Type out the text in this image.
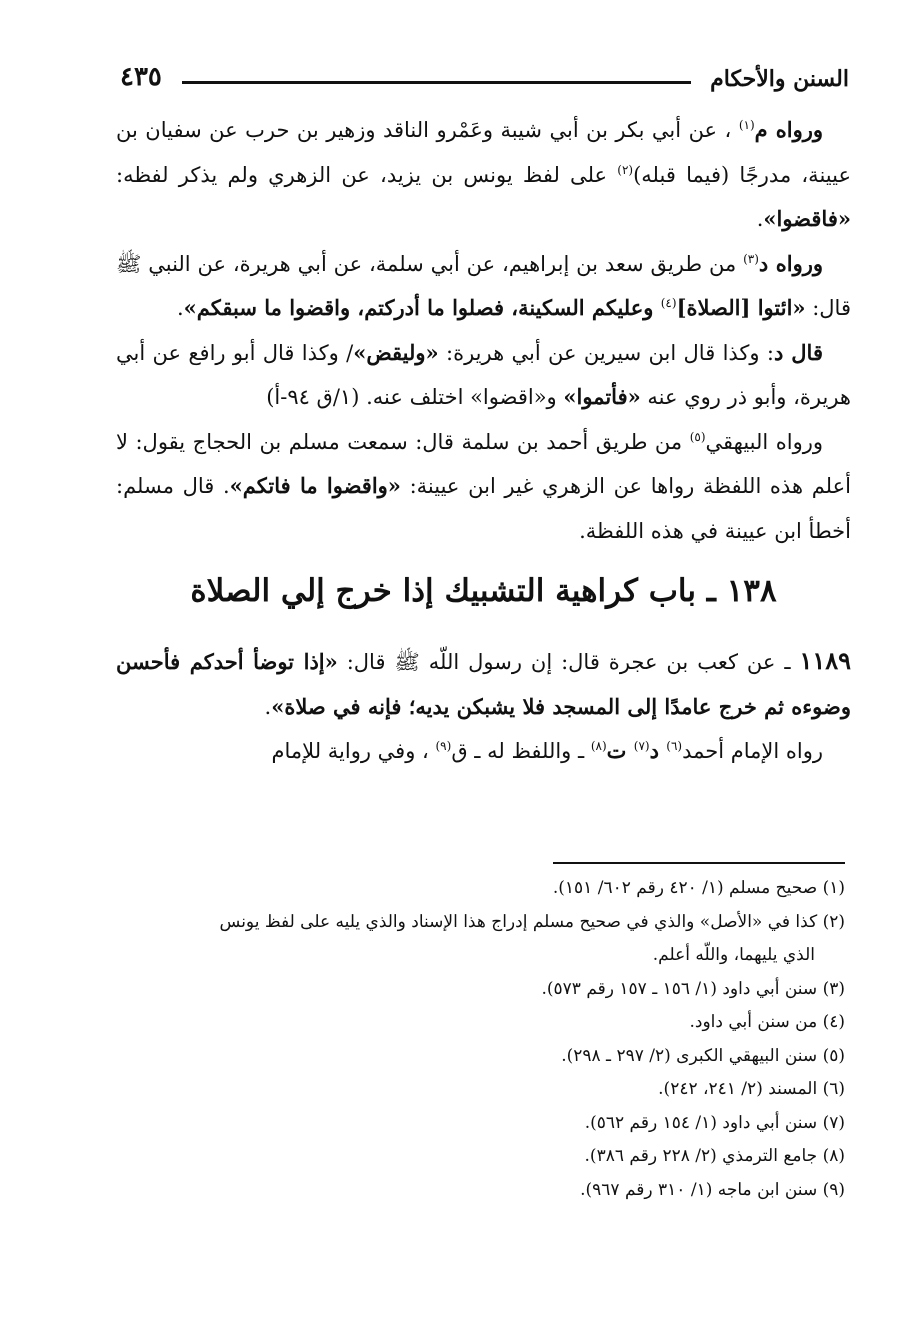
السنن والأحكام
٤٣٥

ورواه م$^{(١)}$ ، عن أبي بكر بن أبي شيبة وعَمْرو الناقد وزهير بن حرب عن سفيان بن عيينة، مدرجًا (فيما قبله)$^{(٢)}$ على لفظ يونس بن يزيد، عن الزهري ولم يذكر لفظه: «فاقضوا».

ورواه د$^{(٣)}$ من طريق سعد بن إبراهيم، عن أبي سلمة، عن أبي هريرة، عن النبي ﷺ قال: «ائتوا [الصلاة]$^{(٤)}$ وعليكم السكينة، فصلوا ما أدركتم، واقضوا ما سبقكم».

قال د: وكذا قال ابن سيرين عن أبي هريرة: «وليقض»/ وكذا قال أبو رافع عن أبي هريرة، وأبو ذر روي عنه «فأتموا» و«اقضوا» اختلف عنه. (١/ق ٩٤-أ)

ورواه البيهقي$^{(٥)}$ من طريق أحمد بن سلمة قال: سمعت مسلم بن الحجاج يقول: لا أعلم هذه اللفظة رواها عن الزهري غير ابن عيينة: «واقضوا ما فاتكم». قال مسلم: أخطأ ابن عيينة في هذه اللفظة.

١٣٨ ـ باب كراهية التشبيك إذا خرج إلي الصلاة

١١٨٩ ـ عن كعب بن عجرة قال: إن رسول اللّه ﷺ قال: «إذا توضأ أحدكم فأحسن وضوءه ثم خرج عامدًا إلى المسجد فلا يشبكن يديه؛ فإنه في صلاة».

رواه الإمام أحمد$^{(٦)}$ د$^{(٧)}$ ت$^{(٨)}$ ـ واللفظ له ـ ق$^{(٩)}$ ، وفي رواية للإمام

(١) صحيح مسلم (١/ ٤٢٠ رقم ٦٠٢/ ١٥١).

(٢) كذا في «الأصل» والذي في صحيح مسلم إدراج هذا الإسناد والذي يليه على لفظ يونس

الذي يليهما، واللّه أعلم.

(٣) سنن أبي داود (١/ ١٥٦ ـ ١٥٧ رقم ٥٧٣).

(٤) من سنن أبي داود.

(٥) سنن البيهقي الكبرى (٢/ ٢٩٧ ـ ٢٩٨).

(٦) المسند (٢/ ٢٤١، ٢٤٢).

(٧) سنن أبي داود (١/ ١٥٤ رقم ٥٦٢).

(٨) جامع الترمذي (٢/ ٢٢٨ رقم ٣٨٦).

(٩) سنن ابن ماجه (١/ ٣١٠ رقم ٩٦٧).
